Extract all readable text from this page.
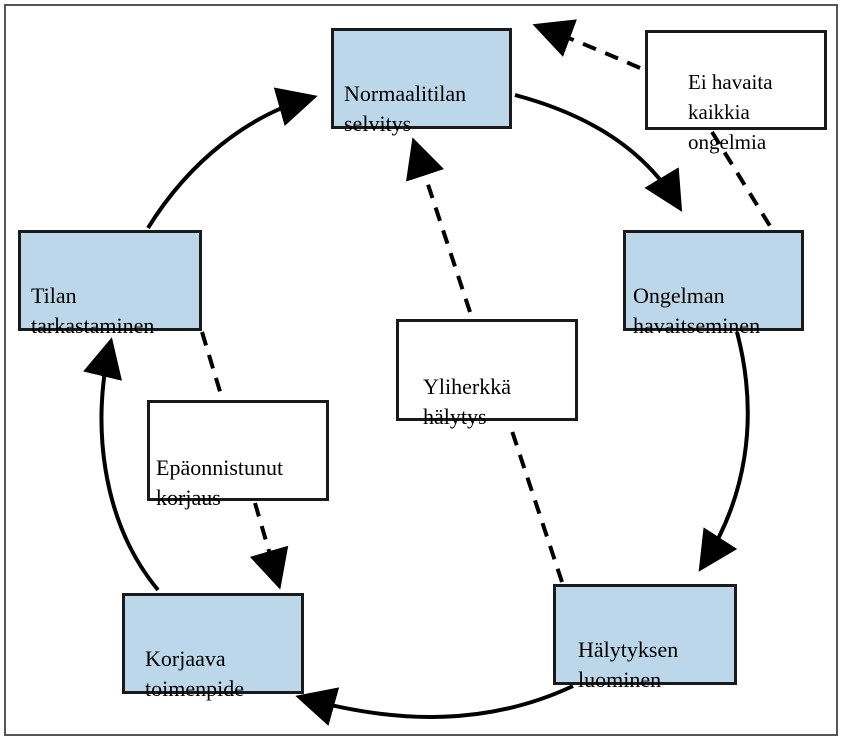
Normaalitilan
selvitys

Ongelman
havaitseminen

Hälytyksen
luominen

Korjaava
toimenpide

Tilan
tarkastaminen

Ei havaita
kaikkia
ongelmia

Yliherkkä
hälytys

Epäonnistunut
korjaus
